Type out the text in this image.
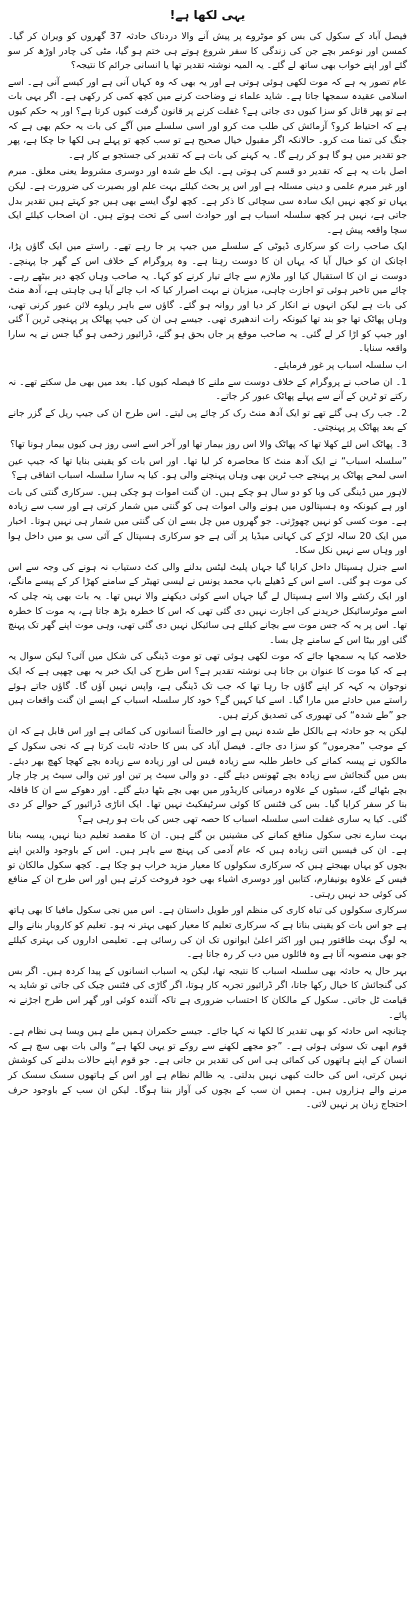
یہی لکھا ہے!

فیصل آباد کے سکول کی بس کو موٹروے پر پیش آنے والا دردناک حادثہ 37 گھروں کو ویران کر گیا۔ کمسن اور نوعمر بچے جن کی زندگی کا سفر شروع ہوتے ہی ختم ہو گیا، مٹی کی چادر اوڑھ کر سو گئے اور اپنے خواب بھی ساتھ لے گئے۔ یہ المیہ نوشتہ تقدیر تھا یا انسانی جرائم کا نتیجہ؟

عام تصور یہ ہے کہ موت لکھی ہوئی ہوتی ہے اور یہ بھی کہ وہ کہاں آنی ہے اور کیسے آنی ہے۔ اسے اسلامی عقیدہ سمجھا جاتا ہے۔ شاید علماء نے وضاحت کرنے میں کچھ کمی کر رکھی ہے۔ اگر یہی بات ہے تو پھر قاتل کو سزا کیوں دی جاتی ہے؟ غفلت کرنے پر قانون گرفت کیوں کرتا ہے؟ اور یہ حکم کیوں ہے کہ احتیاط کرو؟ آزمائش کی طلب مت کرو اور اسی سلسلے میں آگے کی بات یہ حکم بھی ہے کہ جنگ کی تمنا مت کرو۔ حالانکہ اگر مقبول خیال صحیح ہے تو سب کچھ تو پہلے ہی لکھا جا چکا ہے، پھر جو تقدیر میں ہو گا ہو کر رہے گا۔ یہ کہنے کی بات ہے کہ تقدیر کی جستجو بے کار ہے۔

اصل بات یہ ہے کہ تقدیر دو قسم کی ہوتی ہے۔ ایک طے شدہ اور دوسری مشروط یعنی معلق۔ مبرم اور غیر مبرم علمی و دینی مسئلہ ہے اور اس پر بحث کیلئے بہت علم اور بصیرت کی ضرورت ہے۔ لیکن یہاں تو کچھ نہیں ایک سادہ سی سچائی کا ذکر ہے۔ کچھ لوگ ایسے بھی ہیں جو کہتے ہیں تقدیر بدل جاتی ہے، نہیں ہر کچھ سلسلہ اسباب ہے اور حوادث اسی کے تحت ہوتے ہیں۔ ان اصحاب کیلئے ایک سچا واقعہ پیش ہے۔

ایک صاحب رات کو سرکاری ڈیوٹی کے سلسلے میں جیپ پر جا رہے تھے۔ راستے میں ایک گاؤں پڑا، اچانک ان کو خیال آیا کہ یہاں ان کا دوست رہتا ہے۔ وہ پروگرام کے خلاف اس کے گھر جا پہنچے۔ دوست نے ان کا استقبال کیا اور ملازم سے چائے تیار کرنے کو کہا۔ یہ صاحب وہاں کچھ دیر بیٹھے رہے۔ چائے میں تاخیر ہوئی تو اجازت چاہی، میزبان نے بہت اصرار کیا کہ اب چائے آیا ہی چاہتی ہے، آدھ منٹ کی بات ہے لیکن انہوں نے انکار کر دیا اور روانہ ہو گئے۔ گاؤں سے باہر ریلوے لائن عبور کرنی تھی، وہاں پھاٹک تھا جو بند تھا کیونکہ رات اندھیری تھی۔ جیسے ہی ان کی جیپ پھاٹک پر پہنچی ٹرین آ گئی اور جیپ کو اڑا کر لے گئی۔ یہ صاحب موقع پر جاں بحق ہو گئے، ڈرائیور زخمی ہو گیا جس نے یہ سارا واقعہ سنایا۔

اب سلسلہ اسباب پر غور فرمایئے۔

1۔ ان صاحب نے پروگرام کے خلاف دوست سے ملنے کا فیصلہ کیوں کیا۔ بعد میں بھی مل سکتے تھے۔ نہ رکتے تو ٹرین کے آنے سے پہلے پھاٹک عبور کر جاتے۔

2۔ جب رک ہی گئے تھے تو ایک آدھ منٹ رک کر چائے پی لیتے۔ اس طرح ان کی جیپ ریل کے گزر جانے کے بعد پھاٹک پر پہنچتی۔

3۔ پھاٹک اس لئے کھلا تھا کہ پھاٹک والا اس روز بیمار تھا اور آخر اسے اسی روز ہی کیوں بیمار ہونا تھا؟

”سلسلہ اسباب“ نے ایک آدھ منٹ کا محاصرہ کر لیا تھا۔ اور اس بات کو یقینی بنایا تھا کہ جیپ عین اسی لمحے پھاٹک پر پہنچے جب ٹرین بھی وہاں پہنچنے والی ہو۔ کیا یہ سارا سلسلہ اسباب اتفاقی ہے؟

لاہور میں ڈینگی کی وبا کو دو سال ہو چکے ہیں۔ ان گنت اموات ہو چکی ہیں۔ سرکاری گنتی کی بات اور ہے کیونکہ وہ ہسپتالوں میں ہونے والی اموات ہی کو گنتی میں شمار کرتی ہے اور سب سے زیادہ ہے۔ موت کسی کو نہیں چھوڑتی۔ جو گھروں میں چل بسے ان کی گنتی میں شمار ہی نہیں ہوتا۔ اخبار میں ایک 20 سالہ لڑکے کی کہانی میڈیا پر آئی ہے جو سرکاری ہسپتال کے آئی سی یو میں داخل ہوا اور وہاں سے نہیں نکل سکا۔

اسے جنرل ہسپتال داخل کرایا گیا جہاں پلیٹ لیٹس بدلنے والی کٹ دستیاب نہ ہونے کی وجہ سے اس کی موت ہو گئی۔ اسے اس کے ڈھیلے باپ محمد یونس نے لیسی تھیٹر کے سامنے کھڑا کر کے پیسے مانگے، اور ایک رکشے والا اسے ہسپتال لے گیا جہاں اسے کوئی دیکھنے والا نہیں تھا۔ یہ بات بھی پتہ چلی کہ اسے موٹرسائیکل خریدنے کی اجازت نہیں دی گئی تھی کہ اس کا خطرہ بڑھ جاتا ہے، یہ موت کا خطرہ تھا۔ اس پر یہ کہ جس موت سے بچانے کیلئے ہی سائیکل نہیں دی گئی تھی، وہی موت اپنے گھر تک پہنچ گئی اور بیٹا اس کے سامنے چل بسا۔

خلاصہ کیا یہ سمجھا جائے کہ موت لکھی ہوئی تھی تو موت ڈینگی کی شکل میں آئی؟ لیکن سوال یہ ہے کہ کیا موت کا عنوان بن جانا ہی نوشتہ تقدیر ہے؟ اس طرح کی ایک خبر یہ بھی چھپی ہے کہ ایک نوجوان یہ کہہ کر اپنے گاؤں جا رہا تھا کہ جب تک ڈینگی ہے، واپس نہیں آؤں گا۔ گاؤں جاتے ہوئے راستے میں حادثے میں مارا گیا۔ اسے کیا کہیں گے؟ خود کار سلسلہ اسباب کے ایسے ان گنت واقعات ہیں جو ”طے شدہ“ کی تھیوری کی تصدیق کرتے ہیں۔

لیکن یہ جو حادثہ ہے بالکل طے شدہ نہیں ہے اور خالصتاً انسانوں کی کمائی ہے اور اس قابل ہے کہ ان کے موجب ”مجرموں“ کو سزا دی جائے۔ فیصل آباد کی بس کا حادثہ ثابت کرتا ہے کہ نجی سکول کے مالکوں نے پیسہ کمانے کی خاطر طلبہ سے زیادہ فیس لی اور زیادہ سے زیادہ بچے کھچا کھچ بھر دیئے۔ بس میں گنجائش سے زیادہ بچے ٹھونس دیئے گئے۔ دو والی سیٹ پر تین اور تین والی سیٹ پر چار چار بچے بٹھائے گئے، سیٹوں کے علاوہ درمیانی کاریڈور میں بھی بچے بٹھا دیئے گئے۔ اور دھوکے سے ان کا قافلہ بنا کر سفر کرایا گیا۔ بس کی فٹنس کا کوئی سرٹیفکیٹ نہیں تھا۔ ایک اناڑی ڈرائیور کے حوالے کر دی گئی۔ کیا یہ ساری غفلت اسی سلسلہ اسباب کا حصہ تھی جس کی بات ہو رہی ہے؟

بہت سارے نجی سکول منافع کمانے کی مشینیں بن گئے ہیں۔ ان کا مقصد تعلیم دینا نہیں، پیسہ بنانا ہے۔ ان کی فیسیں اتنی زیادہ ہیں کہ عام آدمی کی پہنچ سے باہر ہیں۔ اس کے باوجود والدین اپنے بچوں کو یہاں بھیجتے ہیں کہ سرکاری سکولوں کا معیار مزید خراب ہو چکا ہے۔ کچھ سکول مالکان تو فیس کے علاوہ یونیفارم، کتابیں اور دوسری اشیاء بھی خود فروخت کرتے ہیں اور اس طرح ان کے منافع کی کوئی حد نہیں رہتی۔

سرکاری سکولوں کی تباہ کاری کی منظم اور طویل داستان ہے۔ اس میں نجی سکول مافیا کا بھی ہاتھ ہے جو اس بات کو یقینی بناتا ہے کہ سرکاری تعلیم کا معیار کبھی بہتر نہ ہو۔ تعلیم کو کاروبار بنانے والے یہ لوگ بہت طاقتور ہیں اور اکثر اعلیٰ ایوانوں تک ان کی رسائی ہے۔ تعلیمی اداروں کی بہتری کیلئے جو بھی منصوبہ آتا ہے وہ فائلوں میں دب کر رہ جاتا ہے۔

بہر حال یہ حادثہ بھی سلسلہ اسباب کا نتیجہ تھا، لیکن یہ اسباب انسانوں کے پیدا کردہ ہیں۔ اگر بس کی گنجائش کا خیال رکھا جاتا، اگر ڈرائیور تجربہ کار ہوتا، اگر گاڑی کی فٹنس چیک کی جاتی تو شاید یہ قیامت ٹل جاتی۔ سکول کے مالکان کا احتساب ضروری ہے تاکہ آئندہ کوئی اور گھر اس طرح اجڑنے نہ پائے۔

چنانچہ اس حادثہ کو بھی تقدیر کا لکھا نہ کہا جائے۔ جیسے حکمران ہمیں ملے ہیں ویسا ہی نظام ہے۔ قوم ابھی تک سوئی ہوئی ہے۔ ”جو مجھے لکھنے سے روکے تو یہی لکھا ہے“ والی بات بھی سچ ہے کہ انسان کے اپنے ہاتھوں کی کمائی ہی اس کی تقدیر بن جاتی ہے۔ جو قوم اپنے حالات بدلنے کی کوشش نہیں کرتی، اس کی حالت کبھی نہیں بدلتی۔ یہ ظالم نظام ہے اور اس کے ہاتھوں سسک سسک کر مرنے والے ہزاروں ہیں۔ ہمیں ان سب کے بچوں کی آواز بننا ہوگا۔ لیکن ان سب کے باوجود حرف احتجاج زبان پر نہیں لاتی۔
